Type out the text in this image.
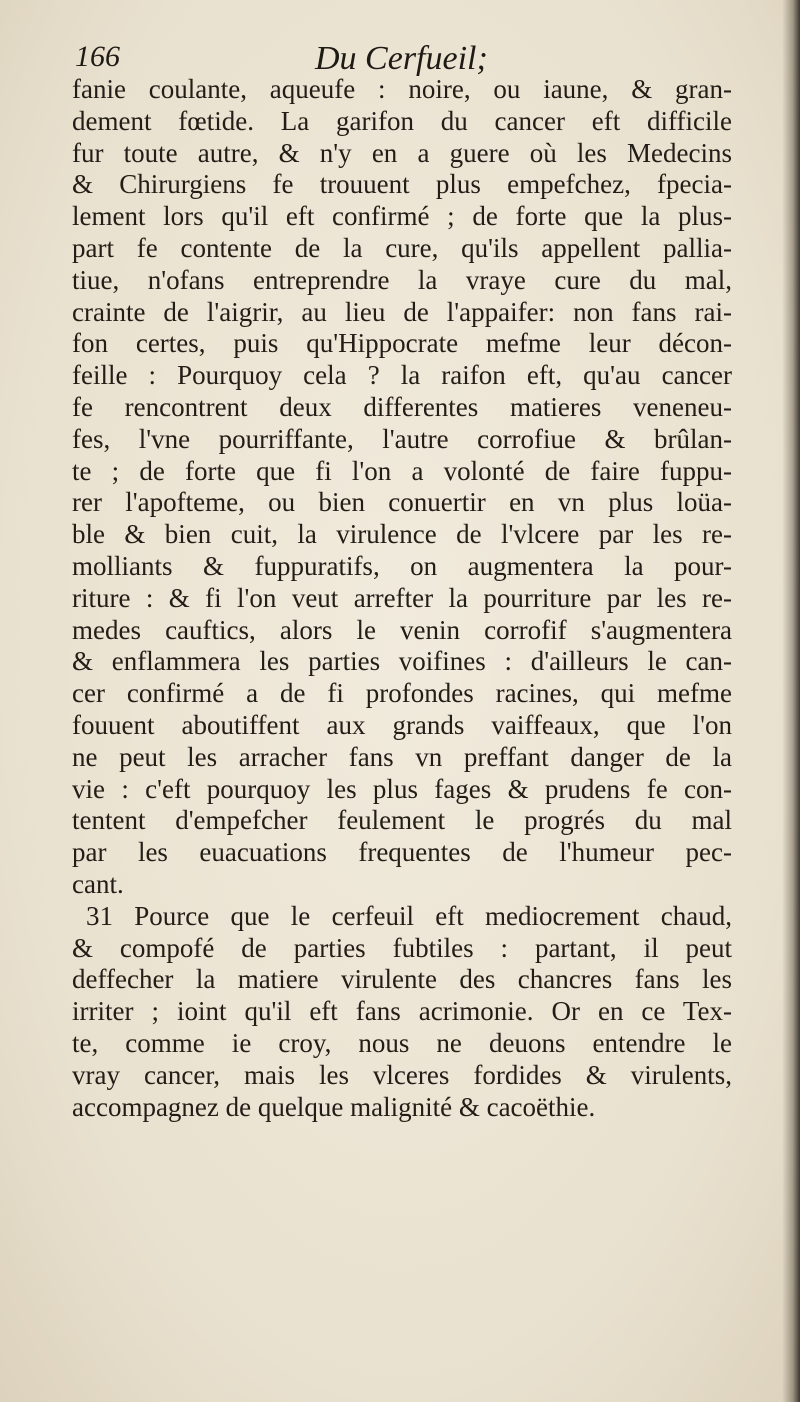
166	Du Cerfueil;
fanie coulante, aqueufe : noire, ou iaune, & gran-
dement fœtide. La garifon du cancer eft difficile
fur toute autre, & n'y en a guere où les Medecins
& Chirurgiens fe trouuent plus empefchez, fpecia-
lement lors qu'il eft confirmé ; de forte que la plus-
part fe contente de la cure, qu'ils appellent pallia-
tiue, n'ofans entreprendre la vraye cure du mal,
crainte de l'aigrir, au lieu de l'appaifer: non fans rai-
fon certes, puis qu'Hippocrate mefme leur décon-
feille : Pourquoy cela ? la raifon eft, qu'au cancer
fe rencontrent deux differentes matieres veneneu-
fes, l'vne pourriffante, l'autre corrofiue & brûlan-
te ; de forte que fi l'on a volonté de faire fuppu-
rer l'apofteme, ou bien conuertir en vn plus loüa-
ble & bien cuit, la virulence de l'vlcere par les re-
molliants & fuppuratifs, on augmentera la pour-
riture : & fi l'on veut arrefter la pourriture par les re-
medes cauftics, alors le venin corrofif s'augmentera
& enflammera les parties voifines : d'ailleurs le can-
cer confirmé a de fi profondes racines, qui mefme
fouuent aboutiffent aux grands vaiffeaux, que l'on
ne peut les arracher fans vn preffant danger de la
vie : c'eft pourquoy les plus fages & prudens fe con-
tentent d'empefcher feulement le progrés du mal
par les euacuations frequentes de l'humeur pec-
cant.
31 Pource que le cerfeuil eft mediocrement chaud,
& compofé de parties fubtiles : partant, il peut
deffecher la matiere virulente des chancres fans les
irriter ; ioint qu'il eft fans acrimonie. Or en ce Tex-
te, comme ie croy, nous ne deuons entendre le
vray cancer, mais les vlceres fordides & virulents,
accompagnez de quelque malignité & cacoëthie.
